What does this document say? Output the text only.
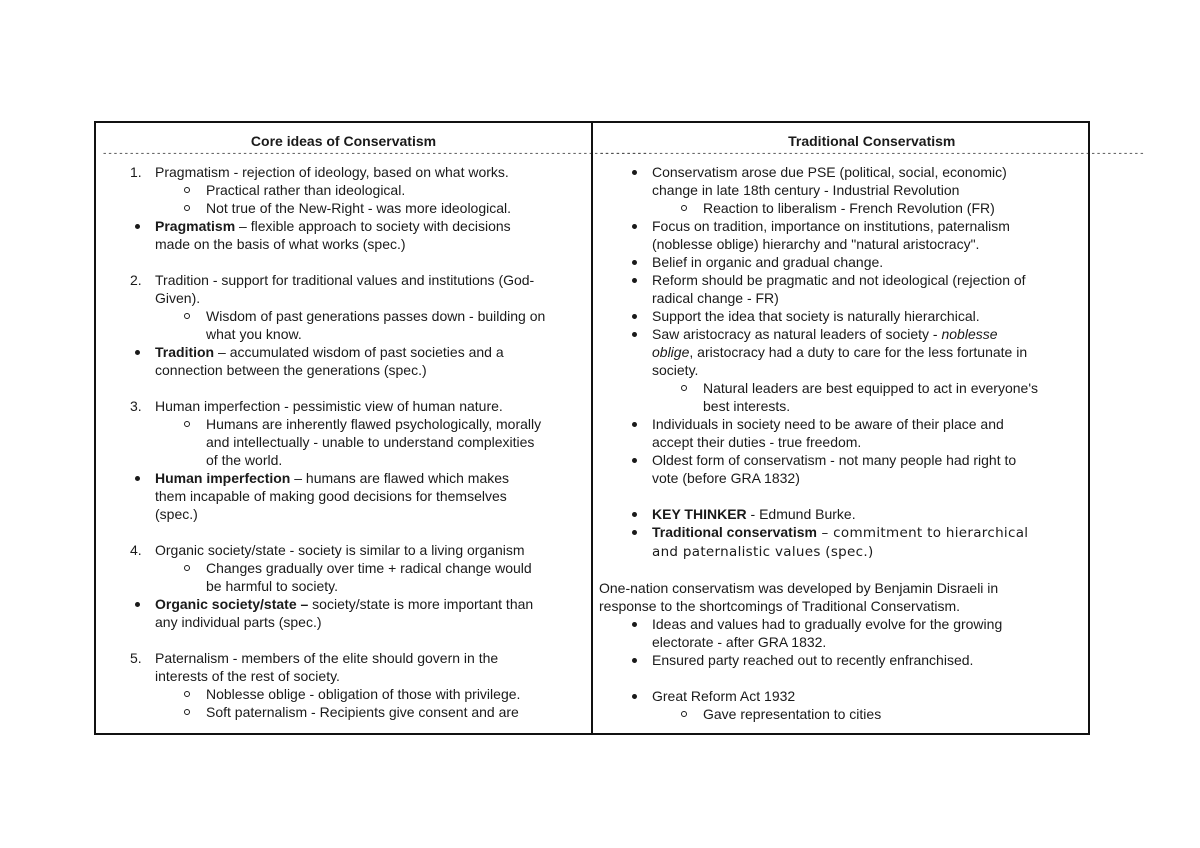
Core ideas of Conservatism
-----------------------------------------------------------------------------------------------------
1. Pragmatism - rejection of ideology, based on what works.
Practical rather than ideological.
Not true of the New-Right - was more ideological.
Pragmatism – flexible approach to society with decisions
made on the basis of what works (spec.)
2. Tradition - support for traditional values and institutions (God-
Given).
Wisdom of past generations passes down - building on
what you know.
Tradition – accumulated wisdom of past societies and a
connection between the generations (spec.)
3. Human imperfection - pessimistic view of human nature.
Humans are inherently flawed psychologically, morally
and intellectually - unable to understand complexities
of the world.
Human imperfection – humans are flawed which makes
them incapable of making good decisions for themselves
(spec.)
4. Organic society/state - society is similar to a living organism
Changes gradually over time + radical change would
be harmful to society.
Organic society/state – society/state is more important than
any individual parts (spec.)
5. Paternalism - members of the elite should govern in the
interests of the rest of society.
Noblesse oblige - obligation of those with privilege.
Soft paternalism - Recipients give consent and are
Traditional Conservatism
-----------------------------------------------------------------------------------------------------
Conservatism arose due PSE (political, social, economic)
change in late 18th century - Industrial Revolution
Reaction to liberalism - French Revolution (FR)
Focus on tradition, importance on institutions, paternalism
(noblesse oblige) hierarchy and "natural aristocracy".
Belief in organic and gradual change.
Reform should be pragmatic and not ideological (rejection of
radical change - FR)
Support the idea that society is naturally hierarchical.
Saw aristocracy as natural leaders of society - noblesse
oblige, aristocracy had a duty to care for the less fortunate in
society.
Natural leaders are best equipped to act in everyone's
best interests.
Individuals in society need to be aware of their place and
accept their duties - true freedom.
Oldest form of conservatism - not many people had right to
vote (before GRA 1832)
KEY THINKER - Edmund Burke.
Traditional conservatism – commitment to hierarchical
and paternalistic values (spec.)
One-nation conservatism was developed by Benjamin Disraeli in
response to the shortcomings of Traditional Conservatism.
Ideas and values had to gradually evolve for the growing
electorate - after GRA 1832.
Ensured party reached out to recently enfranchised.
Great Reform Act 1932
Gave representation to cities
